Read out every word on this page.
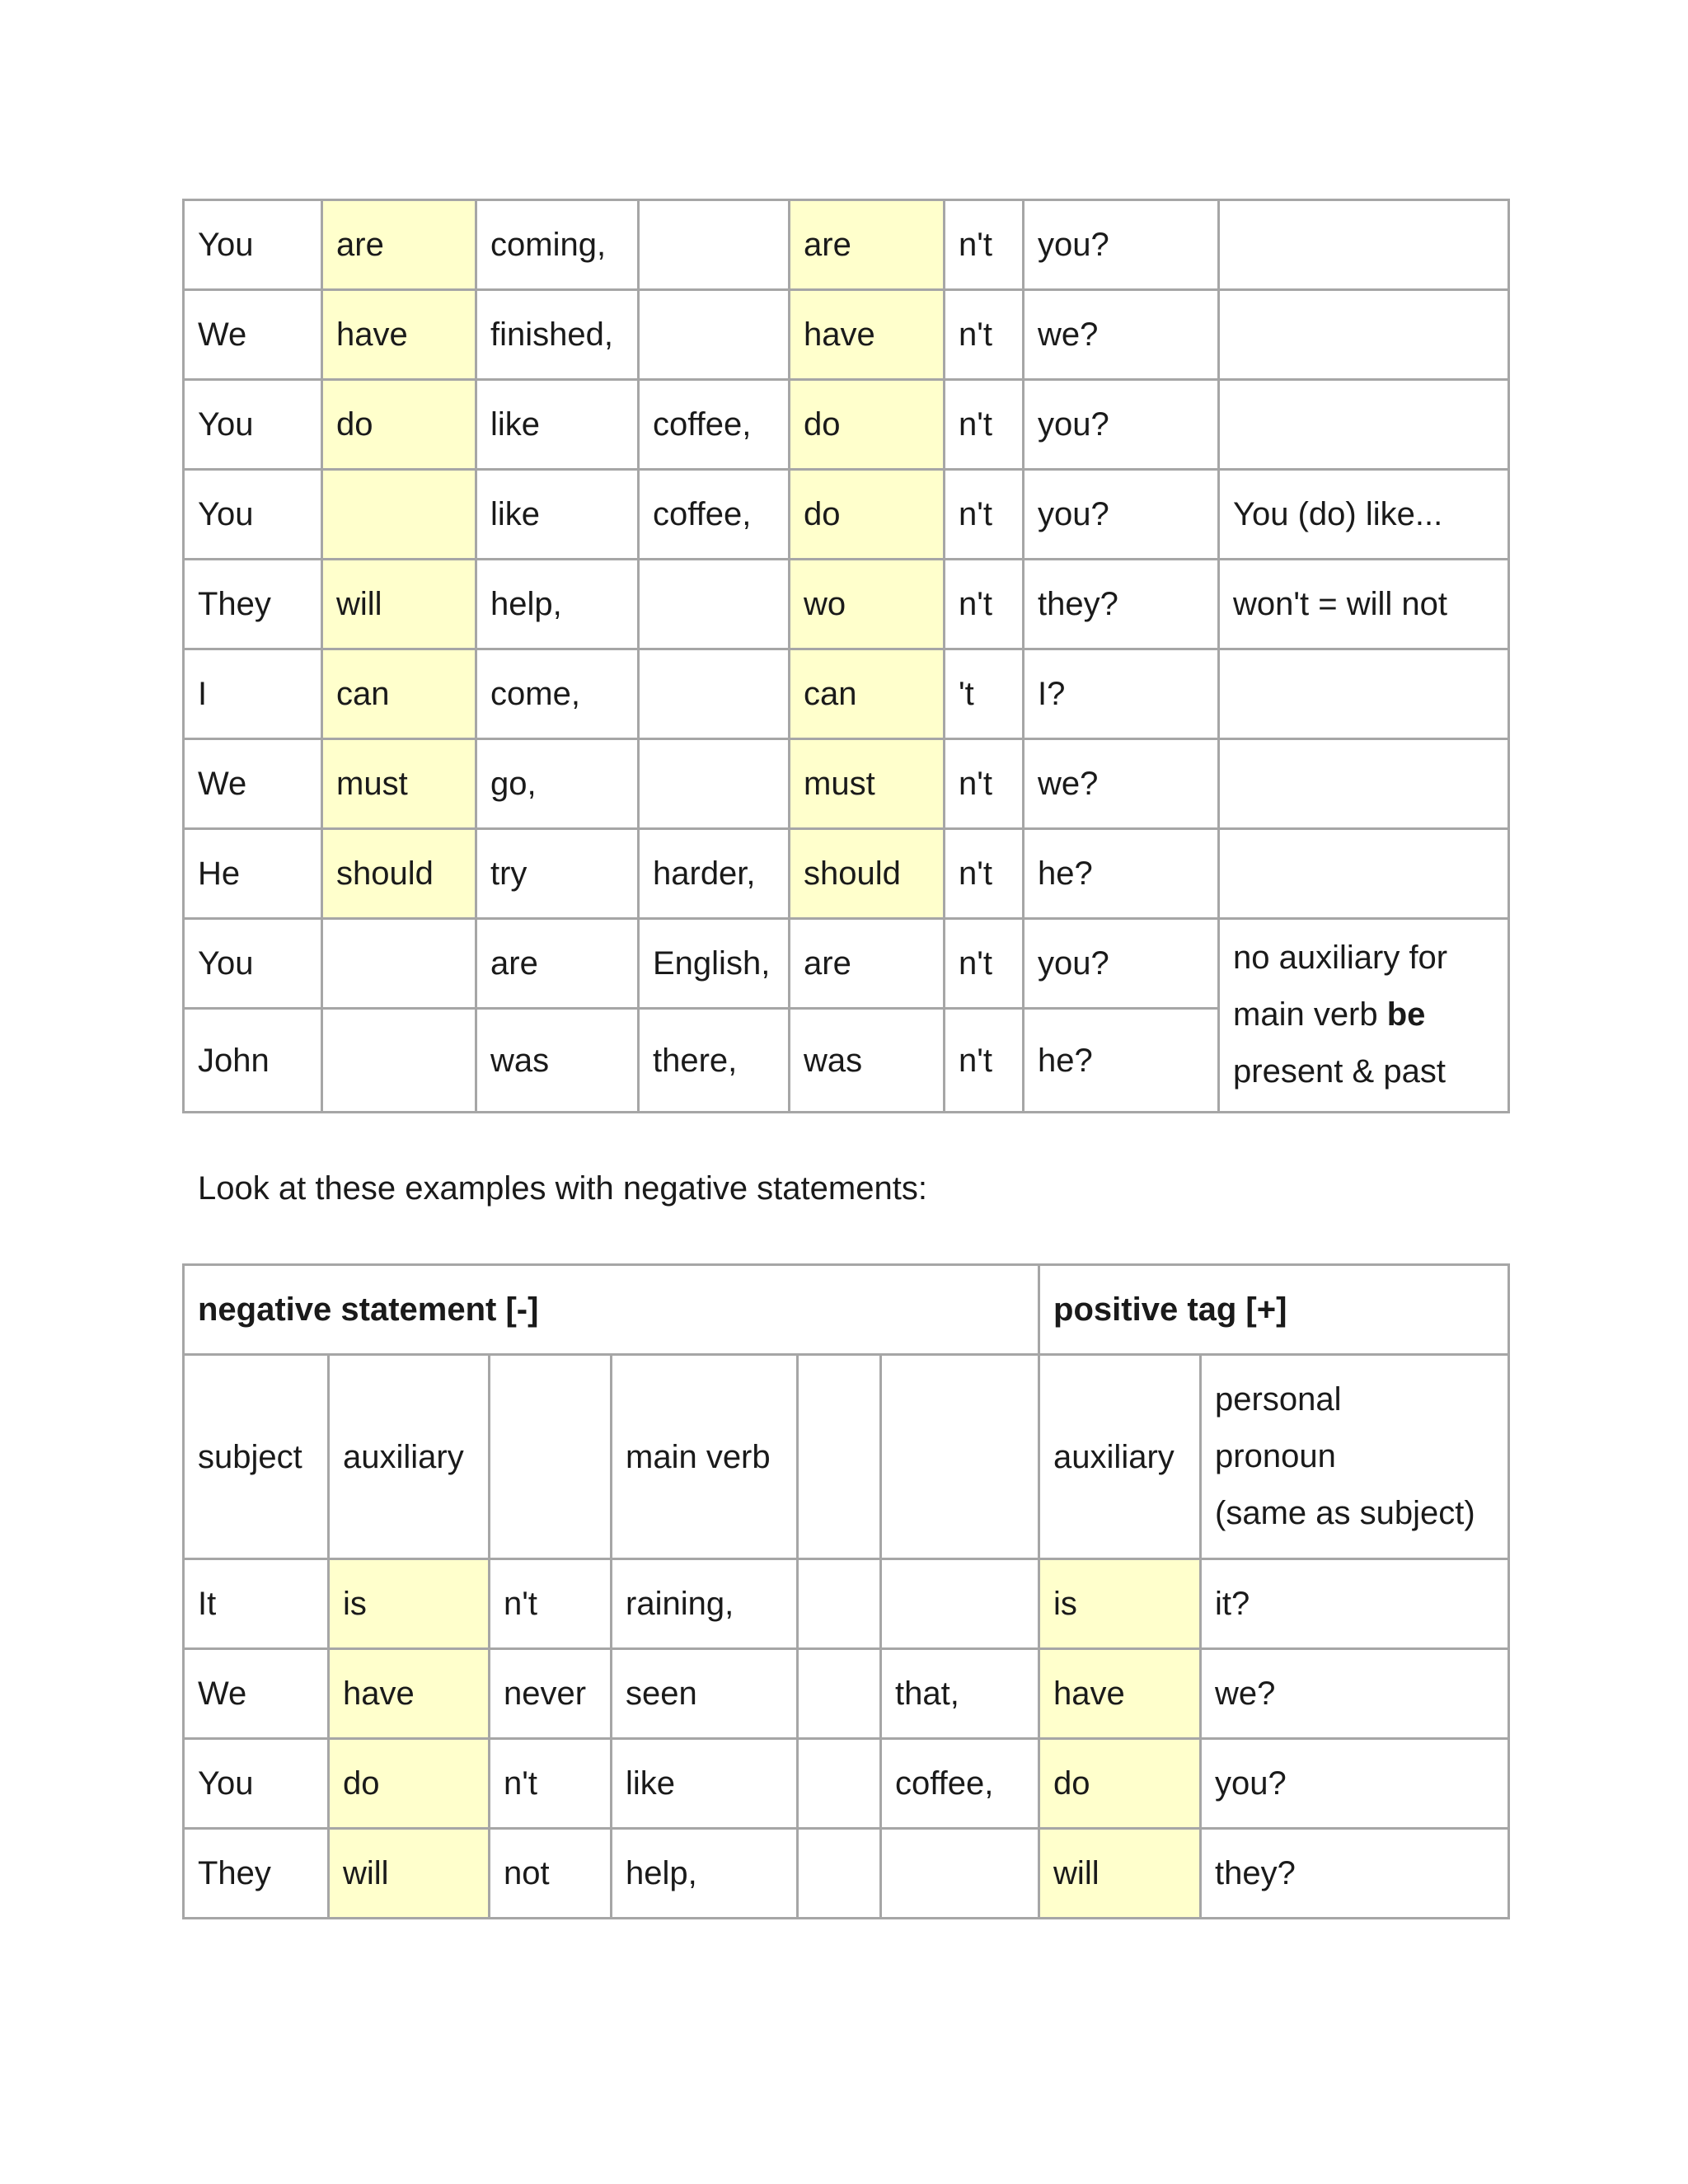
You	are	coming,		are	n't	you?	
We	have	finished,		have	n't	we?	
You	do	like	coffee,	do	n't	you?	
You		like	coffee,	do	n't	you?	You (do) like...
They	will	help,		wo	n't	they?	won't = will not
I	can	come,		can	't	I?	
We	must	go,		must	n't	we?	
He	should	try	harder,	should	n't	he?	
You		are	English,	are	n't	you?	no auxiliary for
main verb be
present & past
John		was	there,	was	n't	he?	

Look at these examples with negative statements:

negative statement [-]						positive tag [+]	
subject	auxiliary		main verb			auxiliary	personal
pronoun
(same as subject)
It	is	n't	raining,			is	it?
We	have	never	seen		that,	have	we?
You	do	n't	like		coffee,	do	you?
They	will	not	help,			will	they?
